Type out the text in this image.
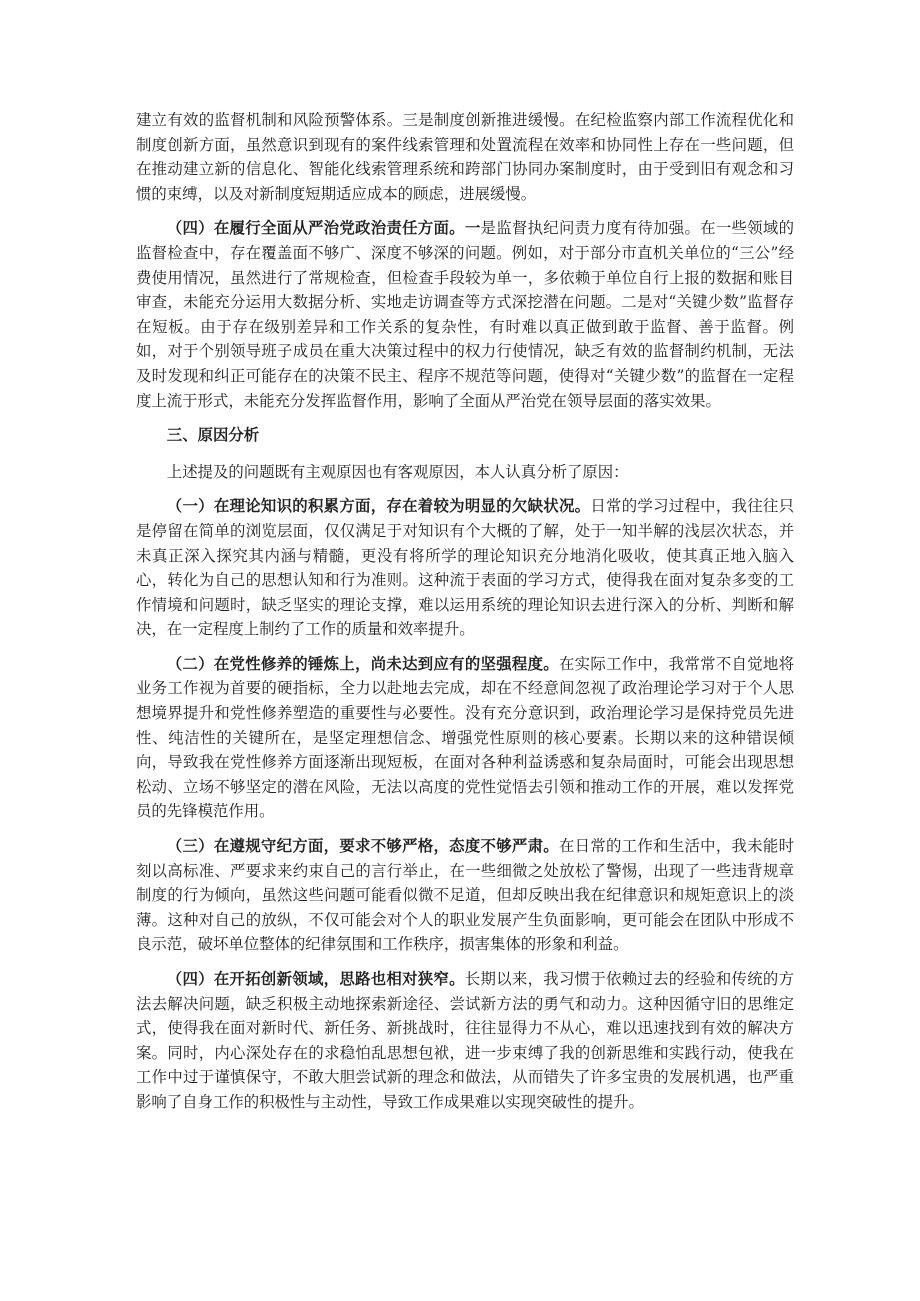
建立有效的监督机制和风险预警体系。三是制度创新推进缓慢。在纪检监察内部工作流程优化和制度创新方面，虽然意识到现有的案件线索管理和处置流程在效率和协同性上存在一些问题，但在推动建立新的信息化、智能化线索管理系统和跨部门协同办案制度时，由于受到旧有观念和习惯的束缚，以及对新制度短期适应成本的顾虑，进展缓慢。

（四）在履行全面从严治党政治责任方面。一是监督执纪问责力度有待加强。在一些领域的监督检查中，存在覆盖面不够广、深度不够深的问题。例如，对于部分市直机关单位的“三公”经费使用情况，虽然进行了常规检查，但检查手段较为单一，多依赖于单位自行上报的数据和账目审查，未能充分运用大数据分析、实地走访调查等方式深挖潜在问题。二是对“关键少数”监督存在短板。由于存在级别差异和工作关系的复杂性，有时难以真正做到敢于监督、善于监督。例如，对于个别领导班子成员在重大决策过程中的权力行使情况，缺乏有效的监督制约机制，无法及时发现和纠正可能存在的决策不民主、程序不规范等问题，使得对“关键少数”的监督在一定程度上流于形式，未能充分发挥监督作用，影响了全面从严治党在领导层面的落实效果。

三、原因分析

上述提及的问题既有主观原因也有客观原因，本人认真分析了原因：

（一）在理论知识的积累方面，存在着较为明显的欠缺状况。日常的学习过程中，我往往只是停留在简单的浏览层面，仅仅满足于对知识有个大概的了解，处于一知半解的浅层次状态，并未真正深入探究其内涵与精髓，更没有将所学的理论知识充分地消化吸收，使其真正地入脑入心，转化为自己的思想认知和行为准则。这种流于表面的学习方式，使得我在面对复杂多变的工作情境和问题时，缺乏坚实的理论支撑，难以运用系统的理论知识去进行深入的分析、判断和解决，在一定程度上制约了工作的质量和效率提升。

（二）在党性修养的锤炼上，尚未达到应有的坚强程度。在实际工作中，我常常不自觉地将业务工作视为首要的硬指标，全力以赴地去完成，却在不经意间忽视了政治理论学习对于个人思想境界提升和党性修养塑造的重要性与必要性。没有充分意识到，政治理论学习是保持党员先进性、纯洁性的关键所在，是坚定理想信念、增强党性原则的核心要素。长期以来的这种错误倾向，导致我在党性修养方面逐渐出现短板，在面对各种利益诱惑和复杂局面时，可能会出现思想松动、立场不够坚定的潜在风险，无法以高度的党性觉悟去引领和推动工作的开展，难以发挥党员的先锋模范作用。

（三）在遵规守纪方面，要求不够严格，态度不够严肃。在日常的工作和生活中，我未能时刻以高标准、严要求来约束自己的言行举止，在一些细微之处放松了警惕，出现了一些违背规章制度的行为倾向，虽然这些问题可能看似微不足道，但却反映出我在纪律意识和规矩意识上的淡薄。这种对自己的放纵，不仅可能会对个人的职业发展产生负面影响，更可能会在团队中形成不良示范，破坏单位整体的纪律氛围和工作秩序，损害集体的形象和利益。

（四）在开拓创新领域，思路也相对狭窄。长期以来，我习惯于依赖过去的经验和传统的方法去解决问题，缺乏积极主动地探索新途径、尝试新方法的勇气和动力。这种因循守旧的思维定式，使得我在面对新时代、新任务、新挑战时，往往显得力不从心，难以迅速找到有效的解决方案。同时，内心深处存在的求稳怕乱思想包袱，进一步束缚了我的创新思维和实践行动，使我在工作中过于谨慎保守，不敢大胆尝试新的理念和做法，从而错失了许多宝贵的发展机遇，也严重影响了自身工作的积极性与主动性，导致工作成果难以实现突破性的提升。
